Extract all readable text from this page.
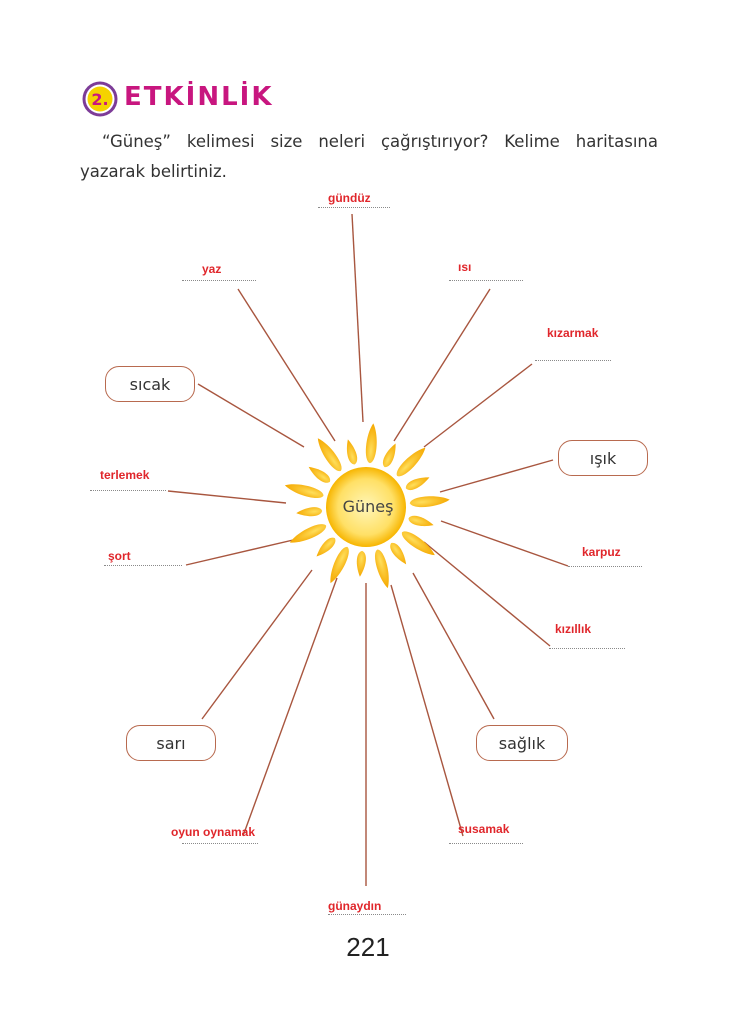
2. ETKİNLİK
“Güneş” kelimesi size neleri çağrıştırıyor? Kelime haritasına yazarak belirtiniz.
Güneş
sıcak
ışık
sarı	sağlık
gündüz
yaz	ısı
kızarmak
terlemek
şort	karpuz
kızıllık
oyun oynamak	susamak
günaydın
221
